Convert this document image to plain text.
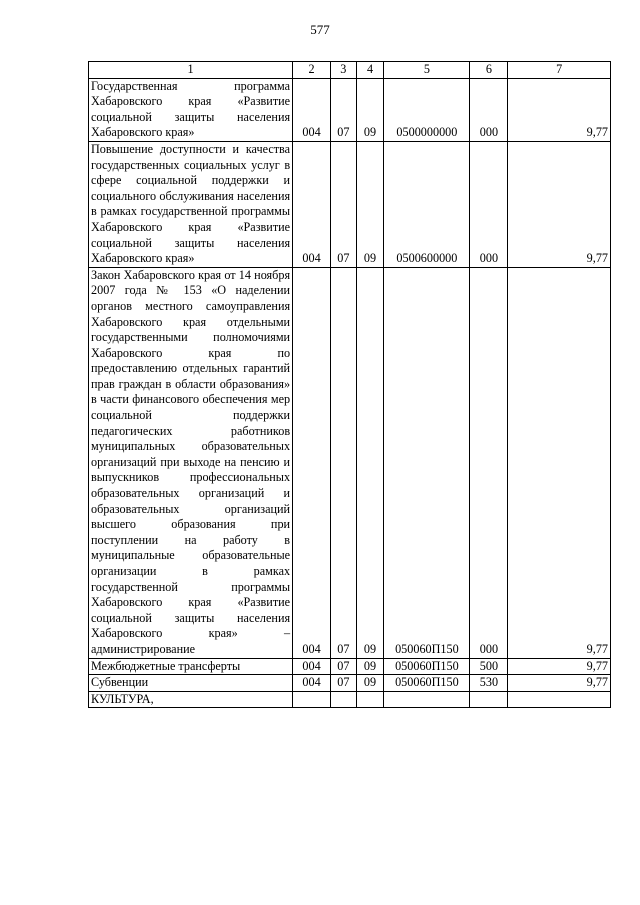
577
1	2	3	4	5	6	7
Государственная программа Хабаровского края «Развитие социальной защиты населения Хабаровского края»	004	07	09	0500000000	000	9,77
Повышение доступности и качества государственных социальных услуг в сфере социальной поддержки и социального обслуживания населения в рамках государственной программы Хабаровского края «Развитие социальной защиты населения Хабаровского края»	004	07	09	0500600000	000	9,77
Закон Хабаровского края от 14 ноября 2007 года № 153 «О наделении органов местного самоуправления Хабаровского края отдельными государственными полномочиями Хабаровского края по предоставлению отдельных гарантий прав граждан в области образования» в части финансового обеспечения мер социальной поддержки педагогических работников муниципальных образовательных организаций при выходе на пенсию и выпускников профессиональных образовательных организаций и образовательных организаций высшего образования при поступлении на работу в муниципальные образовательные организации в рамках государственной программы Хабаровского края «Развитие социальной защиты населения Хабаровского края» – администрирование	004	07	09	050060П150	000	9,77
Межбюджетные трансферты	004	07	09	050060П150	500	9,77
Субвенции	004	07	09	050060П150	530	9,77
КУЛЬТУРА,						
